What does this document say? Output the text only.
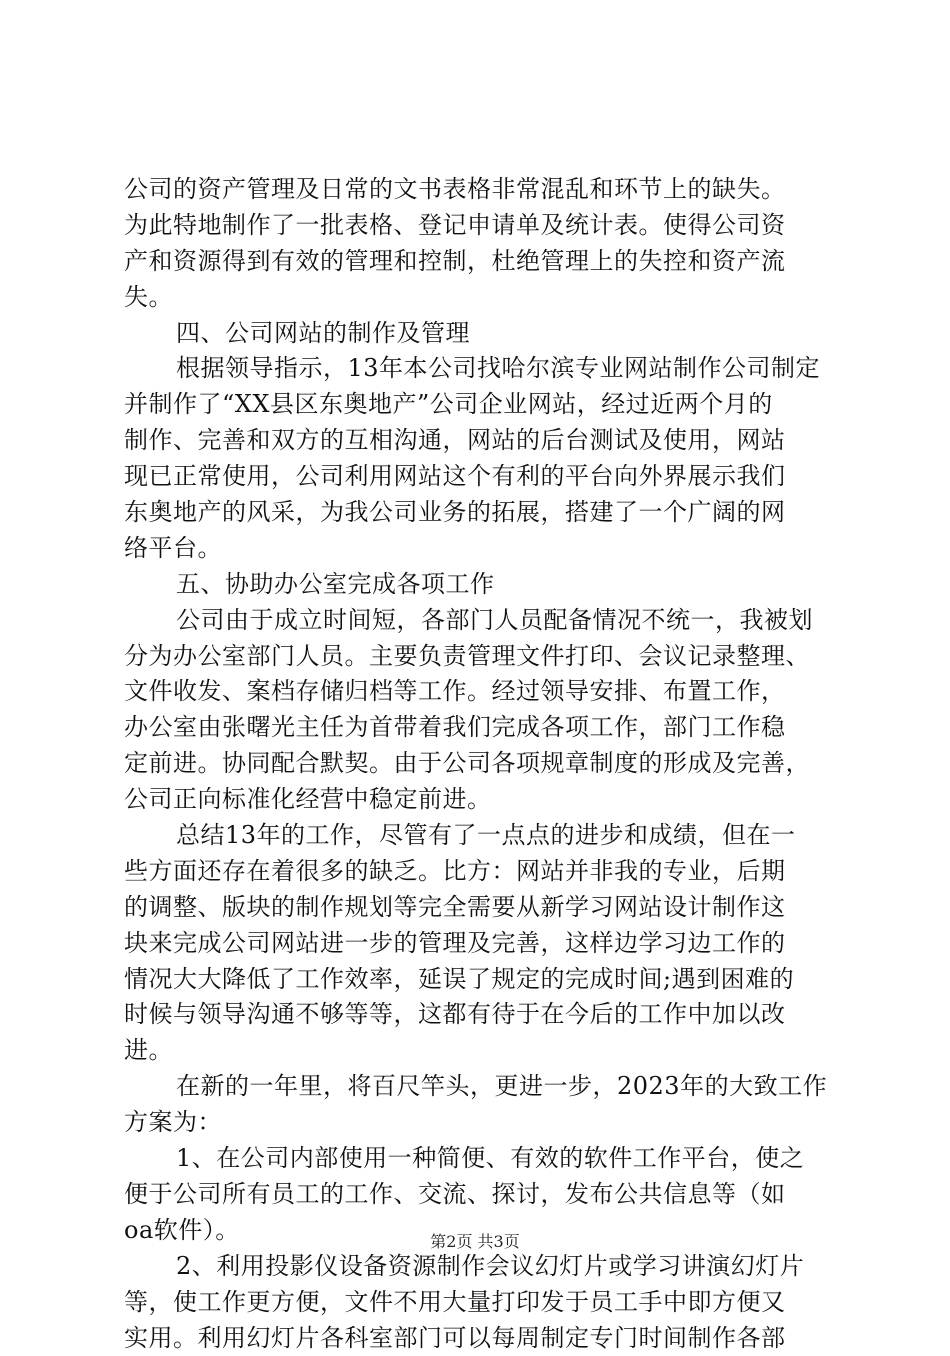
公司的资产管理及日常的文书表格非常混乱和环节上的缺失。
为此特地制作了一批表格、登记申请单及统计表。使得公司资
产和资源得到有效的管理和控制，杜绝管理上的失控和资产流
失。
四、公司网站的制作及管理
根据领导指示，13年本公司找哈尔滨专业网站制作公司制定
并制作了“XX县区东奥地产”公司企业网站，经过近两个月的
制作、完善和双方的互相沟通，网站的后台测试及使用，网站
现已正常使用，公司利用网站这个有利的平台向外界展示我们
东奥地产的风采，为我公司业务的拓展，搭建了一个广阔的网
络平台。
五、协助办公室完成各项工作
公司由于成立时间短，各部门人员配备情况不统一，我被划
分为办公室部门人员。主要负责管理文件打印、会议记录整理、
文件收发、案档存储归档等工作。经过领导安排、布置工作，
办公室由张曙光主任为首带着我们完成各项工作，部门工作稳
定前进。协同配合默契。由于公司各项规章制度的形成及完善，
公司正向标准化经营中稳定前进。
总结13年的工作，尽管有了一点点的进步和成绩，但在一
些方面还存在着很多的缺乏。比方：网站并非我的专业，后期
的调整、版块的制作规划等完全需要从新学习网站设计制作这
块来完成公司网站进一步的管理及完善，这样边学习边工作的
情况大大降低了工作效率，延误了规定的完成时间;遇到困难的
时候与领导沟通不够等等，这都有待于在今后的工作中加以改
进。
在新的一年里，将百尺竿头，更进一步，2023年的大致工作
方案为：
1、在公司内部使用一种简便、有效的软件工作平台，使之
便于公司所有员工的工作、交流、探讨，发布公共信息等（如
oa软件）。
2、利用投影仪设备资源制作会议幻灯片或学习讲演幻灯片
等，使工作更方便，文件不用大量打印发于员工手中即方便又
实用。利用幻灯片各科室部门可以每周制定专门时间制作各部
第2页 共3页
